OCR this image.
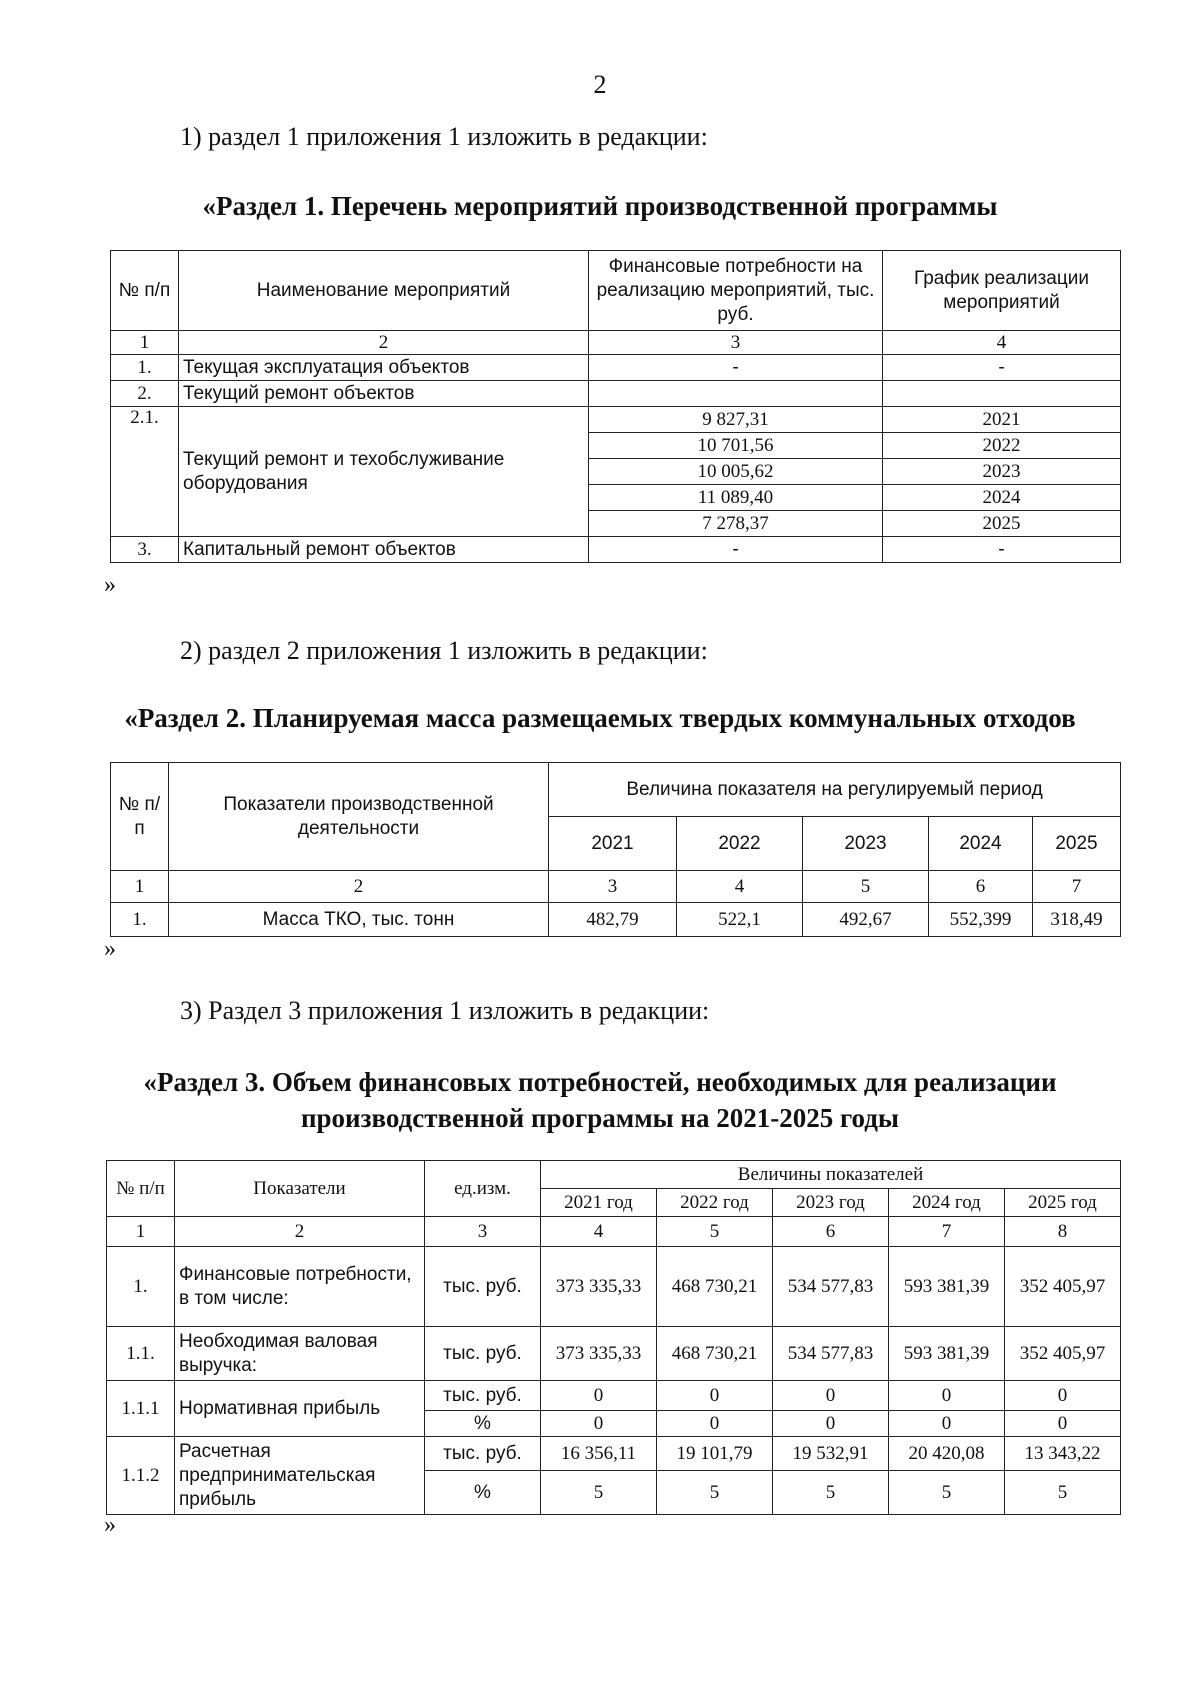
2
1) раздел 1 приложения 1 изложить в редакции:
«Раздел 1. Перечень мероприятий производственной программы
№ п/п	Наименование мероприятий	Финансовые потребности на реализацию мероприятий, тыс. руб.	График реализации мероприятий
1	2	3	4
1.	Текущая эксплуатация объектов	-	-
2.	Текущий ремонт объектов		
2.1.	Текущий ремонт и техобслуживание оборудования	9 827,31	2021
		10 701,56	2022
		10 005,62	2023
		11 089,40	2024
		7 278,37	2025
3.	Капитальный ремонт объектов	-	-
»
2) раздел 2 приложения 1 изложить в редакции:
«Раздел 2. Планируемая масса размещаемых твердых коммунальных отходов
№ п/п	Показатели производственной деятельности	Величина показателя на регулируемый период				
		2021	2022	2023	2024	2025
1	2	3	4	5	6	7
1.	Масса ТКО, тыс. тонн	482,79	522,1	492,67	552,399	318,49
»
3) Раздел 3 приложения 1 изложить в редакции:
«Раздел 3. Объем финансовых потребностей, необходимых для реализации
производственной программы на 2021-2025 годы
№ п/п	Показатели	ед.изм.	Величины показателей				
			2021 год	2022 год	2023 год	2024 год	2025 год
1	2	3	4	5	6	7	8
1.	Финансовые потребности, в том числе:	тыс. руб.	373 335,33	468 730,21	534 577,83	593 381,39	352 405,97
1.1.	Необходимая валовая выручка:	тыс. руб.	373 335,33	468 730,21	534 577,83	593 381,39	352 405,97
1.1.1	Нормативная прибыль	тыс. руб.	0	0	0	0	0
		%	0	0	0	0	0
1.1.2	Расчетная предпринимательская прибыль	тыс. руб.	16 356,11	19 101,79	19 532,91	20 420,08	13 343,22
		%	5	5	5	5	5
»
